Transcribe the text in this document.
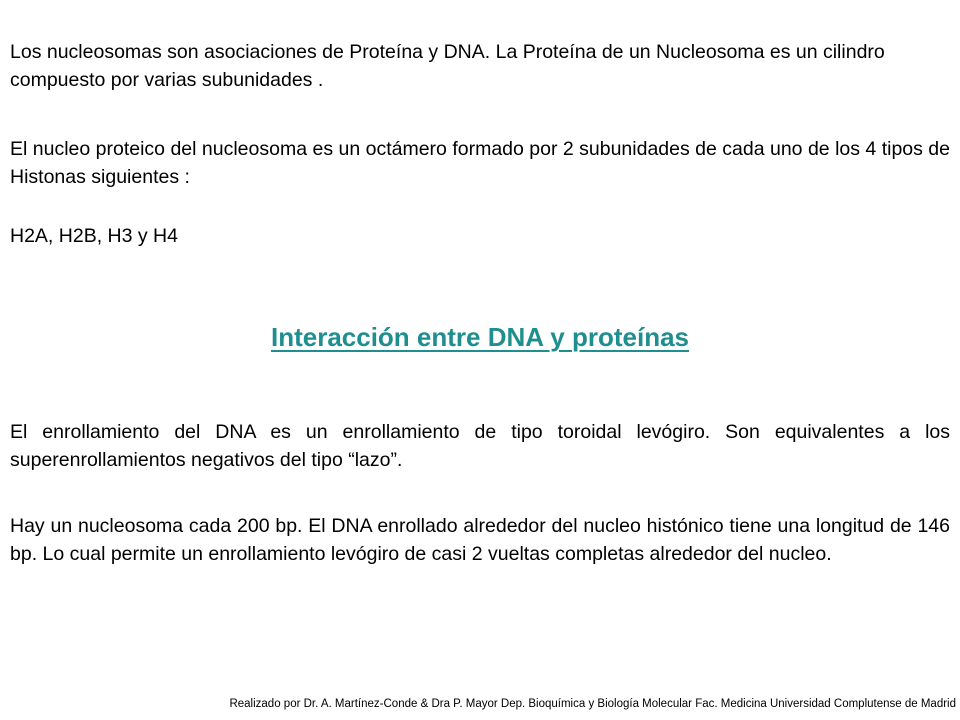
Los nucleosomas son asociaciones de Proteína y DNA. La Proteína de un Nucleosoma es un cilindro compuesto por varias subunidades .

El nucleo proteico del nucleosoma es un octámero formado por 2 subunidades de cada uno de los 4 tipos de Histonas siguientes :

H2A, H2B, H3 y H4

Interacción entre DNA y proteínas

El enrollamiento del DNA es un enrollamiento de tipo toroidal levógiro. Son equivalentes a los superenrollamientos negativos del tipo “lazo”.

Hay un nucleosoma cada 200 bp. El DNA enrollado alrededor del nucleo histónico tiene una longitud de 146 bp. Lo cual permite un enrollamiento levógiro de casi 2 vueltas completas alrededor del nucleo.

Realizado por Dr. A. Martínez-Conde & Dra P. Mayor Dep. Bioquímica y Biología Molecular Fac. Medicina Universidad Complutense de Madrid
